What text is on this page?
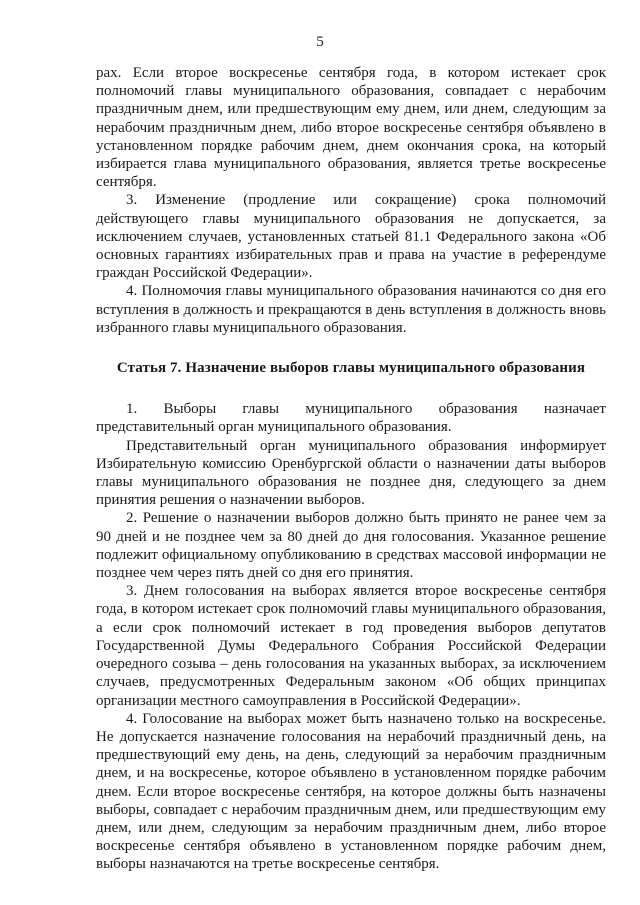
5

рах. Если второе воскресенье сентября года, в котором истекает срок полномочий главы муниципального образования, совпадает с нерабочим праздничным днем, или предшествующим ему днем, или днем, следующим за нерабочим праздничным днем, либо второе воскресенье сентября объявлено в установленном порядке рабочим днем, днем окончания срока, на который избирается глава муниципального образования, является третье воскресенье сентября.

3. Изменение (продление или сокращение) срока полномочий действующего главы муниципального образования не допускается, за исключением случаев, установленных статьей 81.1 Федерального закона «Об основных гарантиях избирательных прав и права на участие в референдуме граждан Российской Федерации».

4. Полномочия главы муниципального образования начинаются со дня его вступления в должность и прекращаются в день вступления в должность вновь избранного главы муниципального образования.

Статья 7. Назначение выборов главы муниципального образования

1. Выборы главы муниципального образования назначает представительный орган муниципального образования.

Представительный орган муниципального образования информирует Избирательную комиссию Оренбургской области о назначении даты выборов главы муниципального образования не позднее дня, следующего за днем принятия решения о назначении выборов.

2. Решение о назначении выборов должно быть принято не ранее чем за 90 дней и не позднее чем за 80 дней до дня голосования. Указанное решение подлежит официальному опубликованию в средствах массовой информации не позднее чем через пять дней со дня его принятия.

3. Днем голосования на выборах является второе воскресенье сентября года, в котором истекает срок полномочий главы муниципального образования, а если срок полномочий истекает в год проведения выборов депутатов Государственной Думы Федерального Собрания Российской Федерации очередного созыва – день голосования на указанных выборах, за исключением случаев, предусмотренных Федеральным законом «Об общих принципах организации местного самоуправления в Российской Федерации».

4. Голосование на выборах может быть назначено только на воскресенье. Не допускается назначение голосования на нерабочий праздничный день, на предшествующий ему день, на день, следующий за нерабочим праздничным днем, и на воскресенье, которое объявлено в установленном порядке рабочим днем. Если второе воскресенье сентября, на которое должны быть назначены выборы, совпадает с нерабочим праздничным днем, или предшествующим ему днем, или днем, следующим за нерабочим праздничным днем, либо второе воскресенье сентября объявлено в установленном порядке рабочим днем, выборы назначаются на третье воскресенье сентября.
